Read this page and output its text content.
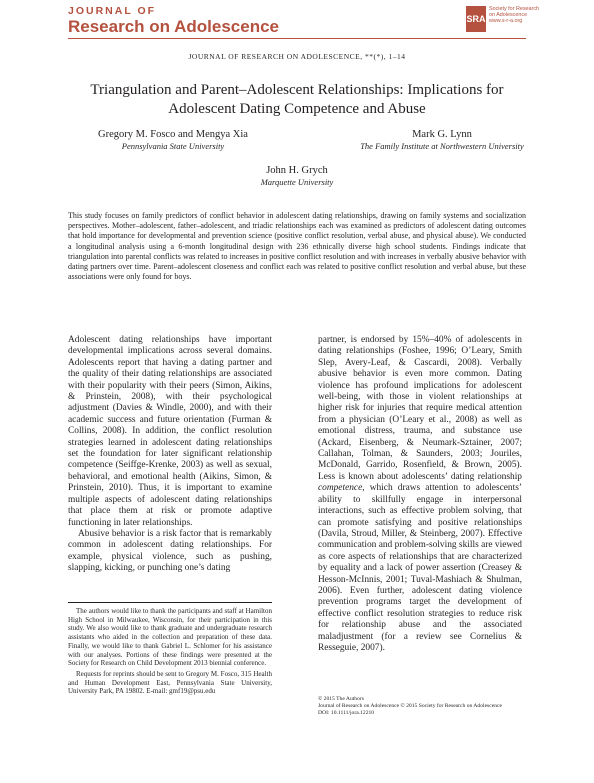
JOURNAL OF
Research on Adolescence	SRA
Society for Research
on Adolescence
www.s-r-a.org
JOURNAL OF RESEARCH ON ADOLESCENCE, **(*), 1–14
Triangulation and Parent–Adolescent Relationships: Implications for Adolescent Dating Competence and Abuse
Gregory M. Fosco and Mengya Xia
Pennsylvania State University
Mark G. Lynn
The Family Institute at Northwestern University
John H. Grych
Marquette University
This study focuses on family predictors of conflict behavior in adolescent dating relationships, drawing on family systems and socialization perspectives. Mother–adolescent, father–adolescent, and triadic relationships each was examined as predictors of adolescent dating outcomes that hold importance for developmental and prevention science (positive conflict resolution, verbal abuse, and physical abuse). We conducted a longitudinal analysis using a 6-month longitudinal design with 236 ethnically diverse high school students. Findings indicate that triangulation into parental conflicts was related to increases in positive conflict resolution and with increases in verbally abusive behavior with dating partners over time. Parent–adolescent closeness and conflict each was related to positive conflict resolution and verbal abuse, but these associations were only found for boys.

Adolescent dating relationships have important developmental implications across several domains. Adolescents report that having a dating partner and the quality of their dating relationships are associated with their popularity with their peers (Simon, Aikins, & Prinstein, 2008), with their psychological adjustment (Davies & Windle, 2000), and with their academic success and future orientation (Furman & Collins, 2008). In addition, the conflict resolution strategies learned in adolescent dating relationships set the foundation for later significant relationship competence (Seiffge-Krenke, 2003) as well as sexual, behavioral, and emotional health (Aikins, Simon, & Prinstein, 2010). Thus, it is important to examine multiple aspects of adolescent dating relationships that place them at risk or promote adaptive functioning in later relationships.

Abusive behavior is a risk factor that is remarkably common in adolescent dating relationships. For example, physical violence, such as pushing, slapping, kicking, or punching one’s dating

partner, is endorsed by 15%–40% of adolescents in dating relationships (Foshee, 1996; O’Leary, Smith Slep, Avery-Leaf, & Cascardi, 2008). Verbally abusive behavior is even more common. Dating violence has profound implications for adolescent well-being, with those in violent relationships at higher risk for injuries that require medical attention from a physician (O’Leary et al., 2008) as well as emotional distress, trauma, and substance use (Ackard, Eisenberg, & Neumark-Sztainer, 2007; Callahan, Tolman, & Saunders, 2003; Jouriles, McDonald, Garrido, Rosenfield, & Brown, 2005). Less is known about adolescents’ dating relationship competence, which draws attention to adolescents’ ability to skillfully engage in interpersonal interactions, such as effective problem solving, that can promote satisfying and positive relationships (Davila, Stroud, Miller, & Steinberg, 2007). Effective communication and problem-solving skills are viewed as core aspects of relationships that are characterized by equality and a lack of power assertion (Creasey & Hesson-McInnis, 2001; Tuval-Mashiach & Shulman, 2006). Even further, adolescent dating violence prevention programs target the development of effective conflict resolution strategies to reduce risk for relationship abuse and the associated maladjustment (for a review see Cornelius & Resseguie, 2007).

The authors would like to thank the participants and staff at Hamilton High School in Milwaukee, Wisconsin, for their participation in this study. We also would like to thank graduate and undergraduate research assistants who aided in the collection and preparation of these data. Finally, we would like to thank Gabriel L. Schlomer for his assistance with our analyses. Portions of these findings were presented at the Society for Research on Child Development 2013 biennial conference.

Requests for reprints should be sent to Gregory M. Fosco, 315 Health and Human Development East, Pennsylvania State University, University Park, PA 19802. E-mail: gmf19@psu.edu

© 2015 The Authors
Journal of Research on Adolescence © 2015 Society for Research on Adolescence
DOI: 10.1111/jora.12210
